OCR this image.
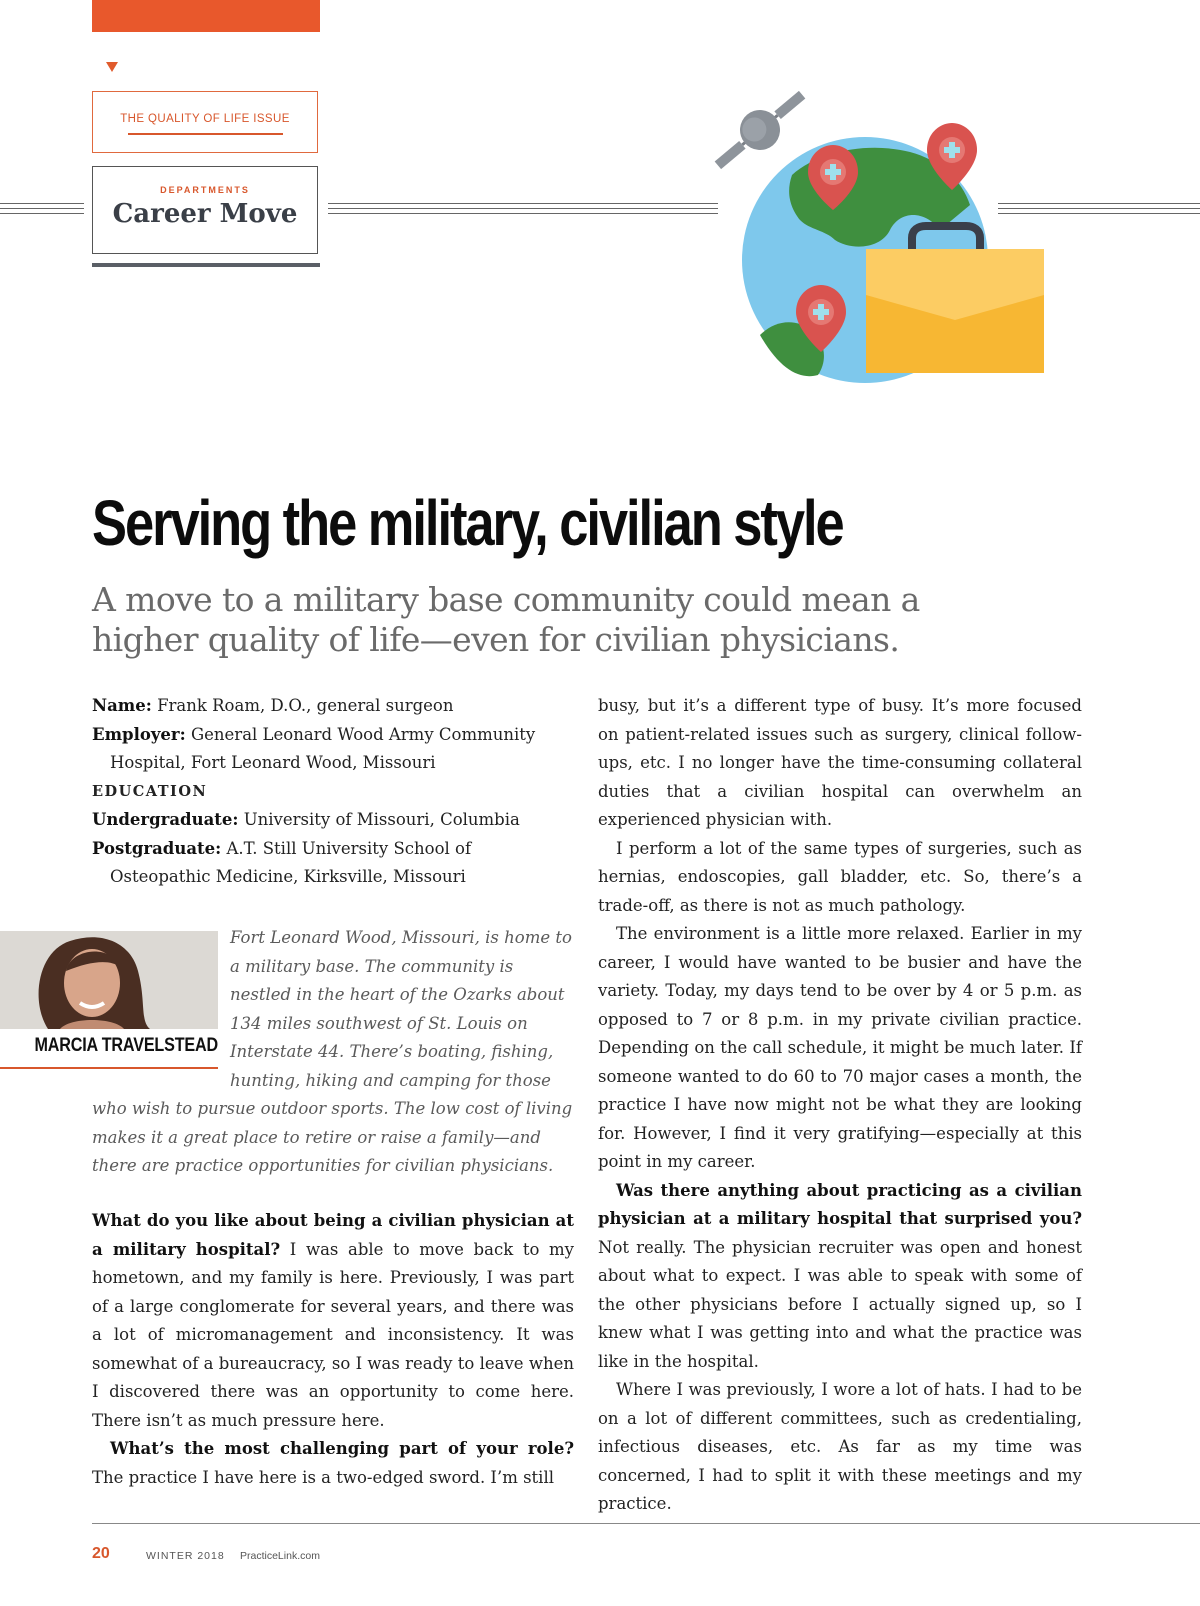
THE QUALITY OF LIFE ISSUE
DEPARTMENTS
Career Move
Serving the military, civilian style
A move to a military base community could mean a higher quality of life—even for civilian physicians.

Name: Frank Roam, D.O., general surgeon

Employer: General Leonard Wood Army Community Hospital, Fort Leonard Wood, Missouri

EDUCATION

Undergraduate: University of Missouri, Columbia

Postgraduate: A.T. Still University School of Osteopathic Medicine, Kirksville, Missouri

MARCIA TRAVELSTEAD
Fort Leonard Wood, Missouri, is home to a military base. The community is nestled in the heart of the Ozarks about 134 miles southwest of St. Louis on Interstate 44. There’s boating, fishing, hunting, hiking and camping for those who wish to pursue outdoor sports. The low cost of living makes it a great place to retire or raise a family—and there are practice opportunities for civilian physicians.

What do you like about being a civilian physician at a military hospital? I was able to move back to my hometown, and my family is here. Previously, I was part of a large conglomerate for several years, and there was a lot of micromanagement and inconsistency. It was somewhat of a bureaucracy, so I was ready to leave when I discovered there was an opportunity to come here. There isn’t as much pressure here.

What’s the most challenging part of your role? The practice I have here is a two-edged sword. I’m still

busy, but it’s a different type of busy. It’s more focused on patient-related issues such as surgery, clinical follow-ups, etc. I no longer have the time-consuming collateral duties that a civilian hospital can overwhelm an experienced physician with.

I perform a lot of the same types of surgeries, such as hernias, endoscopies, gall bladder, etc. So, there’s a trade-off, as there is not as much pathology.

The environment is a little more relaxed. Earlier in my career, I would have wanted to be busier and have the variety. Today, my days tend to be over by 4 or 5 p.m. as opposed to 7 or 8 p.m. in my private civilian practice. Depending on the call schedule, it might be much later. If someone wanted to do 60 to 70 major cases a month, the practice I have now might not be what they are looking for. However, I find it very gratifying—especially at this point in my career.

Was there anything about practicing as a civilian physician at a military hospital that surprised you? Not really. The physician recruiter was open and honest about what to expect. I was able to speak with some of the other physicians before I actually signed up, so I knew what I was getting into and what the practice was like in the hospital.

Where I was previously, I wore a lot of hats. I had to be on a lot of different committees, such as credentialing, infectious diseases, etc. As far as my time was concerned, I had to split it with these meetings and my practice.

20	WINTER 2018 PracticeLink.com
